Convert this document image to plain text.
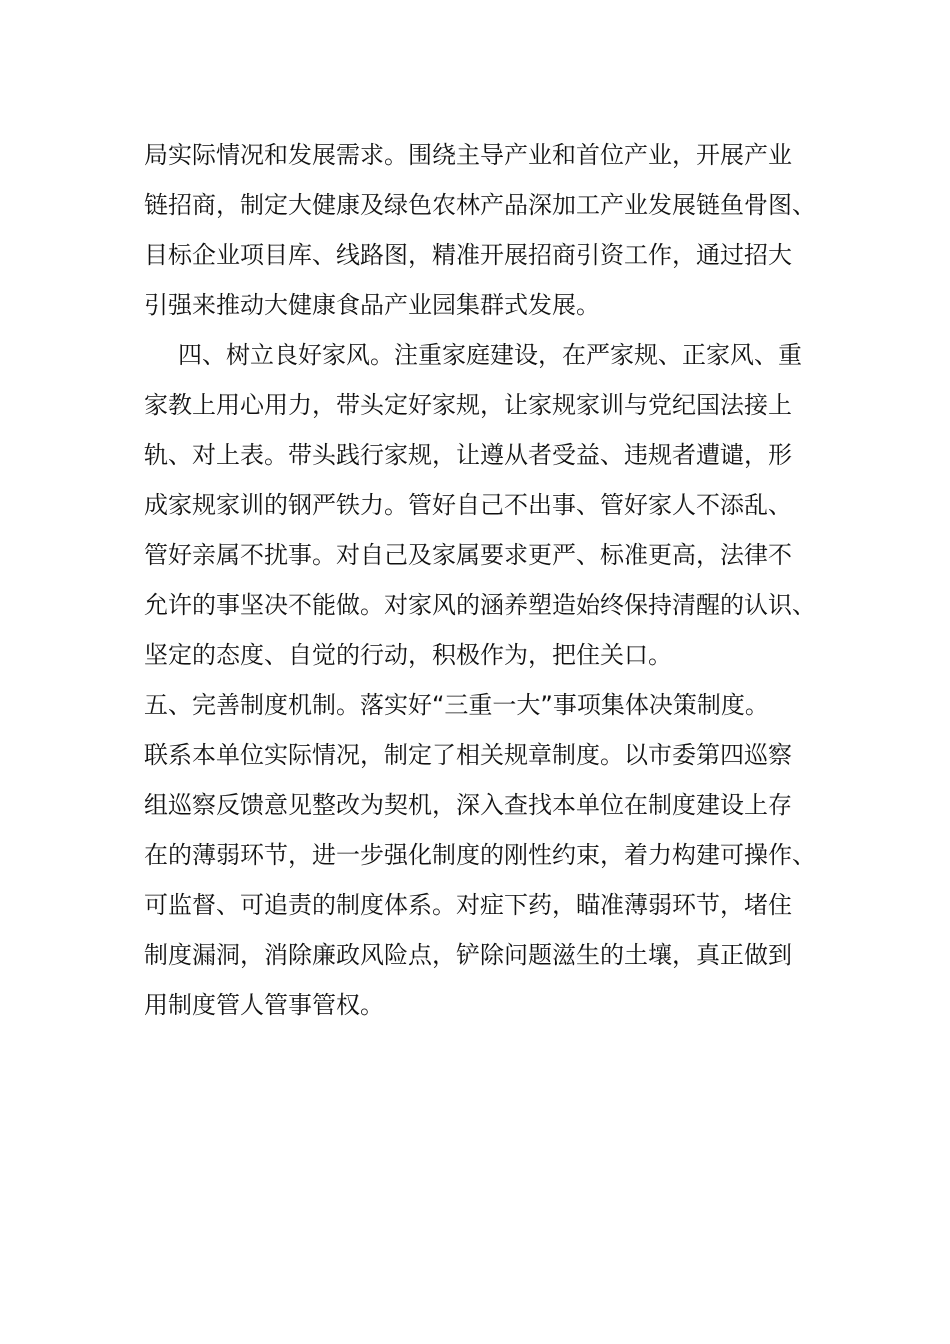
局实际情况和发展需求。围绕主导产业和首位产业，开展产业
链招商，制定大健康及绿色农林产品深加工产业发展链鱼骨图、
目标企业项目库、线路图，精准开展招商引资工作，通过招大
引强来推动大健康食品产业园集群式发展。
四、树立良好家风。注重家庭建设，在严家规、正家风、重
家教上用心用力，带头定好家规，让家规家训与党纪国法接上
轨、对上表。带头践行家规，让遵从者受益、违规者遭谴，形
成家规家训的钢严铁力。管好自己不出事、管好家人不添乱、
管好亲属不扰事。对自己及家属要求更严、标准更高，法律不
允许的事坚决不能做。对家风的涵养塑造始终保持清醒的认识、
坚定的态度、自觉的行动，积极作为，把住关口。
五、完善制度机制。落实好“三重一大”事项集体决策制度。
联系本单位实际情况，制定了相关规章制度。以市委第四巡察
组巡察反馈意见整改为契机，深入查找本单位在制度建设上存
在的薄弱环节，进一步强化制度的刚性约束，着力构建可操作、
可监督、可追责的制度体系。对症下药，瞄准薄弱环节，堵住
制度漏洞，消除廉政风险点，铲除问题滋生的土壤，真正做到
用制度管人管事管权。
